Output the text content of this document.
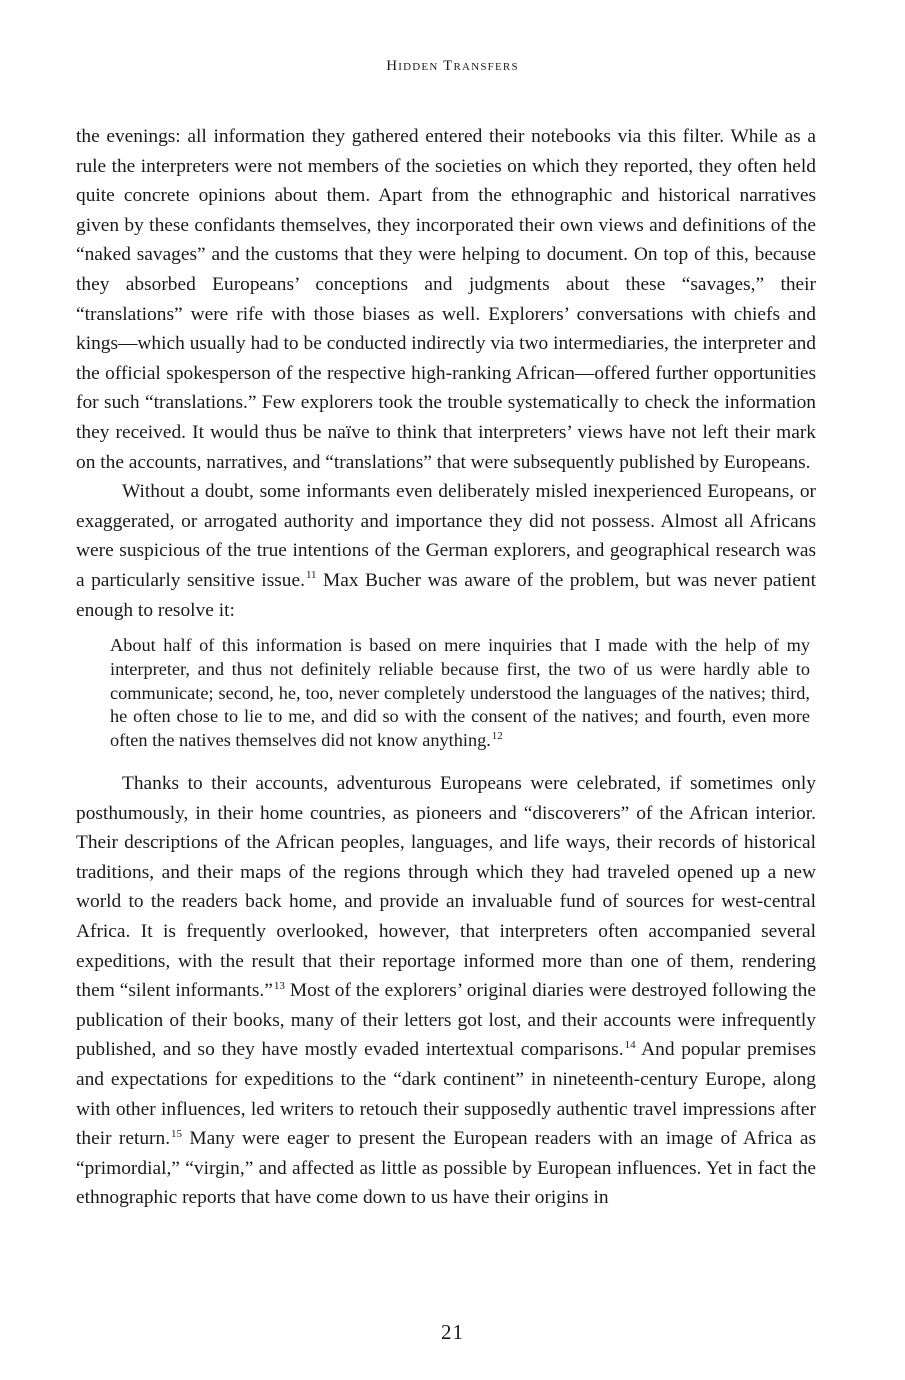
Hidden Transfers

the evenings: all information they gathered entered their notebooks via this filter. While as a rule the interpreters were not members of the societies on which they reported, they often held quite concrete opinions about them. Apart from the ethnographic and historical narratives given by these confidants themselves, they incorporated their own views and definitions of the “naked savages” and the customs that they were helping to document. On top of this, because they absorbed Europeans’ conceptions and judgments about these “savages,” their “translations” were rife with those biases as well. Explorers’ conversations with chiefs and kings—which usually had to be conducted indirectly via two intermediaries, the interpreter and the official spokesperson of the respective high-ranking African—offered further opportunities for such “translations.” Few explorers took the trouble systematically to check the information they received. It would thus be naïve to think that interpreters’ views have not left their mark on the accounts, narratives, and “translations” that were subsequently published by Europeans.

Without a doubt, some informants even deliberately misled inexperienced Europeans, or exaggerated, or arrogated authority and importance they did not possess. Almost all Africans were suspicious of the true intentions of the German explorers, and geographical research was a particularly sensitive issue.$^{11}$ Max Bucher was aware of the problem, but was never patient enough to resolve it:

About half of this information is based on mere inquiries that I made with the help of my interpreter, and thus not definitely reliable because first, the two of us were hardly able to communicate; second, he, too, never completely understood the languages of the natives; third, he often chose to lie to me, and did so with the consent of the natives; and fourth, even more often the natives themselves did not know anything.$^{12}$

Thanks to their accounts, adventurous Europeans were celebrated, if sometimes only posthumously, in their home countries, as pioneers and “discoverers” of the African interior. Their descriptions of the African peoples, languages, and life ways, their records of historical traditions, and their maps of the regions through which they had traveled opened up a new world to the readers back home, and provide an invaluable fund of sources for west-central Africa. It is frequently overlooked, however, that interpreters often accompanied several expeditions, with the result that their reportage informed more than one of them, rendering them “silent informants.”$^{13}$ Most of the explorers’ original diaries were destroyed following the publication of their books, many of their letters got lost, and their accounts were infrequently published, and so they have mostly evaded intertextual comparisons.$^{14}$ And popular premises and expectations for expeditions to the “dark continent” in nineteenth-century Europe, along with other influences, led writers to retouch their supposedly authentic travel impressions after their return.$^{15}$ Many were eager to present the European readers with an image of Africa as “primordial,” “virgin,” and affected as little as possible by European influences. Yet in fact the ethnographic reports that have come down to us have their origins in

21
